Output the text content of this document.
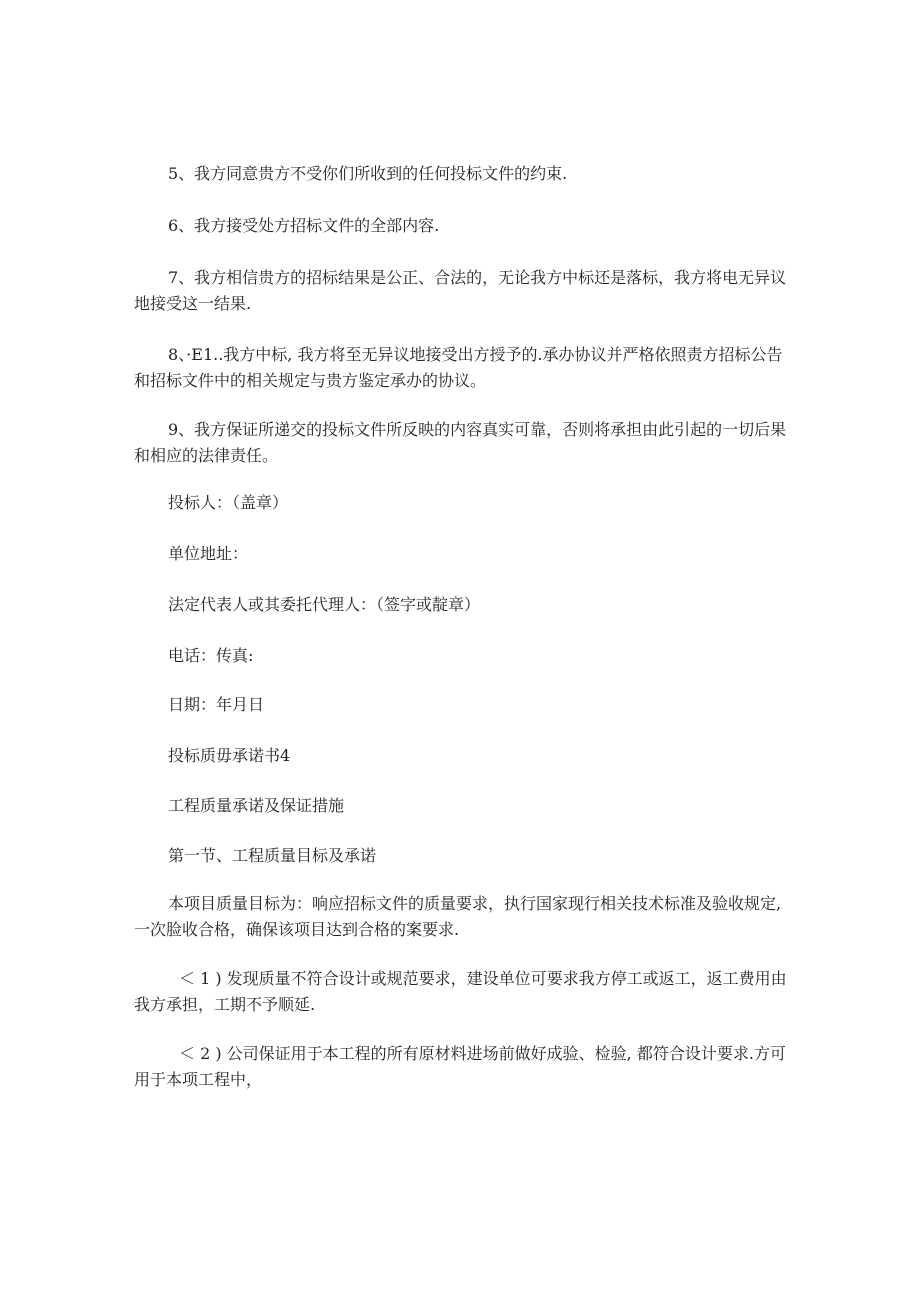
5、我方同意贵方不受你们所收到的任何投标文件的约束.

6、我方接受处方招标文件的全部内容.

7、我方相信贵方的招标结果是公正、合法的，无论我方中标还是落标，我方将电无异议地接受这一结果.

8、·E1..我方中标, 我方将至无异议地接受出方授予的.承办协议并严格依照责方招标公告和招标文件中的相关规定与贵方鉴定承办的协议。

9、我方保证所递交的投标文件所反映的内容真实可靠，否则将承担由此引起的一切后果和相应的法律责任。

投标人：（盖章）

单位地址：

法定代表人或其委托代理人：（签字或靛章）

电话：传真:

日期：年月日

投标质毋承诺书4

工程质量承诺及保证措施

第一节、工程质量目标及承诺

本项目质量目标为：响应招标文件的质量要求，执行国家现行相关技术标准及验收规定, 一次脸收合格，确保该项目达到合格的案要求.

＜ 1 ) 发现质量不符合设计或规范要求，建设单位可要求我方停工或返工，返工费用由我方承担，工期不予顺延.

＜ 2 ) 公司保证用于本工程的所有原材料进场前做好成验、检验, 都符合设计要求.方可用于本项工程中，
